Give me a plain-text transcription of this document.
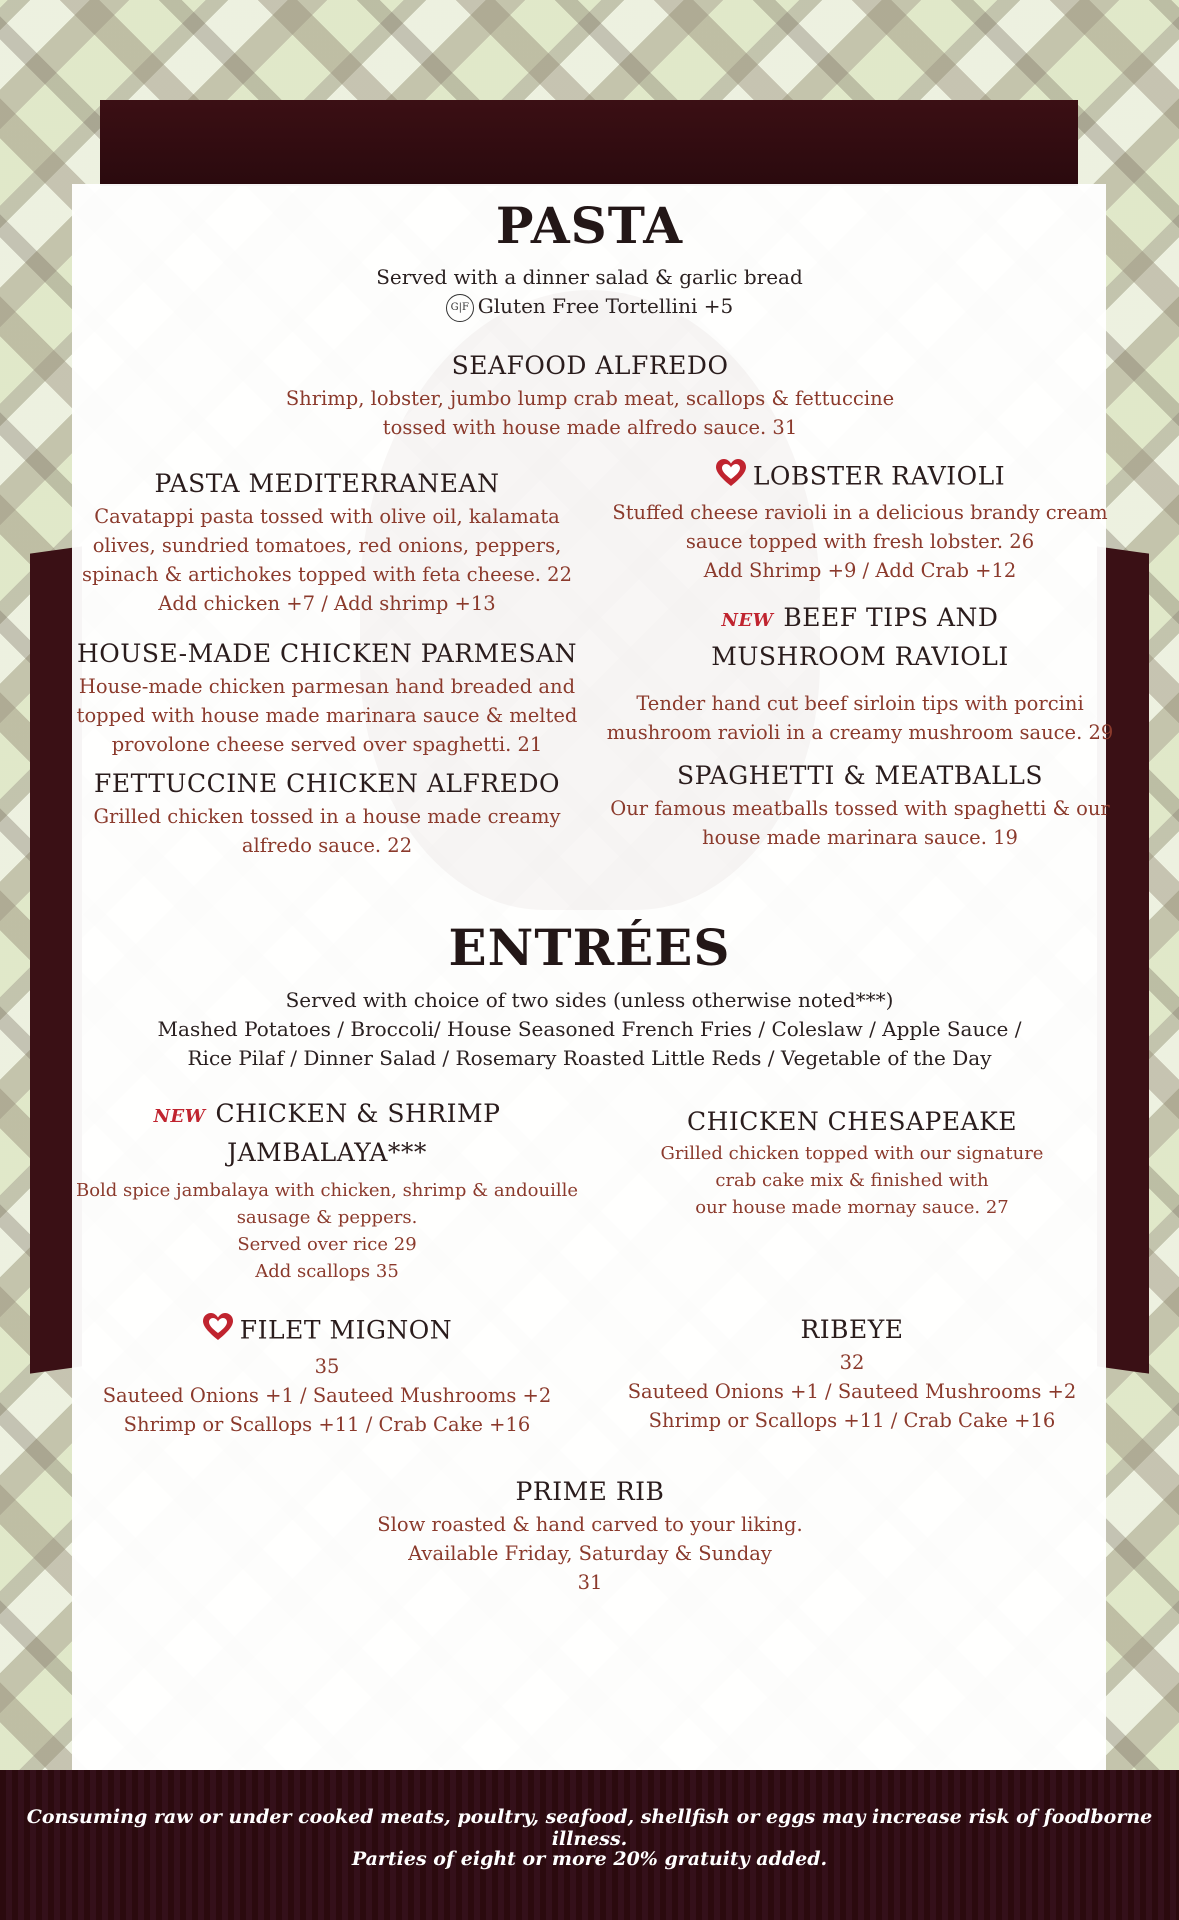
PASTA
Served with a dinner salad & garlic bread
G|F Gluten Free Tortellini +5
SEAFOOD ALFREDO
Shrimp, lobster, jumbo lump crab meat, scallops & fettuccine
tossed with house made alfredo sauce. 31
PASTA MEDITERRANEAN
Cavatappi pasta tossed with olive oil, kalamata
olives, sundried tomatoes, red onions, peppers,
spinach & artichokes topped with feta cheese. 22
Add chicken +7 / Add shrimp +13
LOBSTER RAVIOLI
Stuffed cheese ravioli in a delicious brandy cream
sauce topped with fresh lobster. 26
Add Shrimp +9 / Add Crab +12
HOUSE-MADE CHICKEN PARMESAN
House-made chicken parmesan hand breaded and
topped with house made marinara sauce & melted
provolone cheese served over spaghetti. 21
NEW BEEF TIPS AND
MUSHROOM RAVIOLI
Tender hand cut beef sirloin tips with porcini
mushroom ravioli in a creamy mushroom sauce. 29
FETTUCCINE CHICKEN ALFREDO
Grilled chicken tossed in a house made creamy
alfredo sauce. 22
SPAGHETTI & MEATBALLS
Our famous meatballs tossed with spaghetti & our
house made marinara sauce. 19
ENTRÉES
Served with choice of two sides (unless otherwise noted***)
Mashed Potatoes / Broccoli/ House Seasoned French Fries / Coleslaw / Apple Sauce /
Rice Pilaf / Dinner Salad / Rosemary Roasted Little Reds / Vegetable of the Day
NEW CHICKEN & SHRIMP
JAMBALAYA***
Bold spice jambalaya with chicken, shrimp & andouille
sausage & peppers.
Served over rice 29
Add scallops 35
CHICKEN CHESAPEAKE
Grilled chicken topped with our signature
crab cake mix & finished with
our house made mornay sauce. 27
FILET MIGNON
35
Sauteed Onions +1 / Sauteed Mushrooms +2
Shrimp or Scallops +11 / Crab Cake +16
RIBEYE
32
Sauteed Onions +1 / Sauteed Mushrooms +2
Shrimp or Scallops +11 / Crab Cake +16
PRIME RIB
Slow roasted & hand carved to your liking.
Available Friday, Saturday & Sunday
31
Consuming raw or under cooked meats, poultry, seafood, shellfish or eggs may increase risk of foodborne illness.
Parties of eight or more 20% gratuity added.
